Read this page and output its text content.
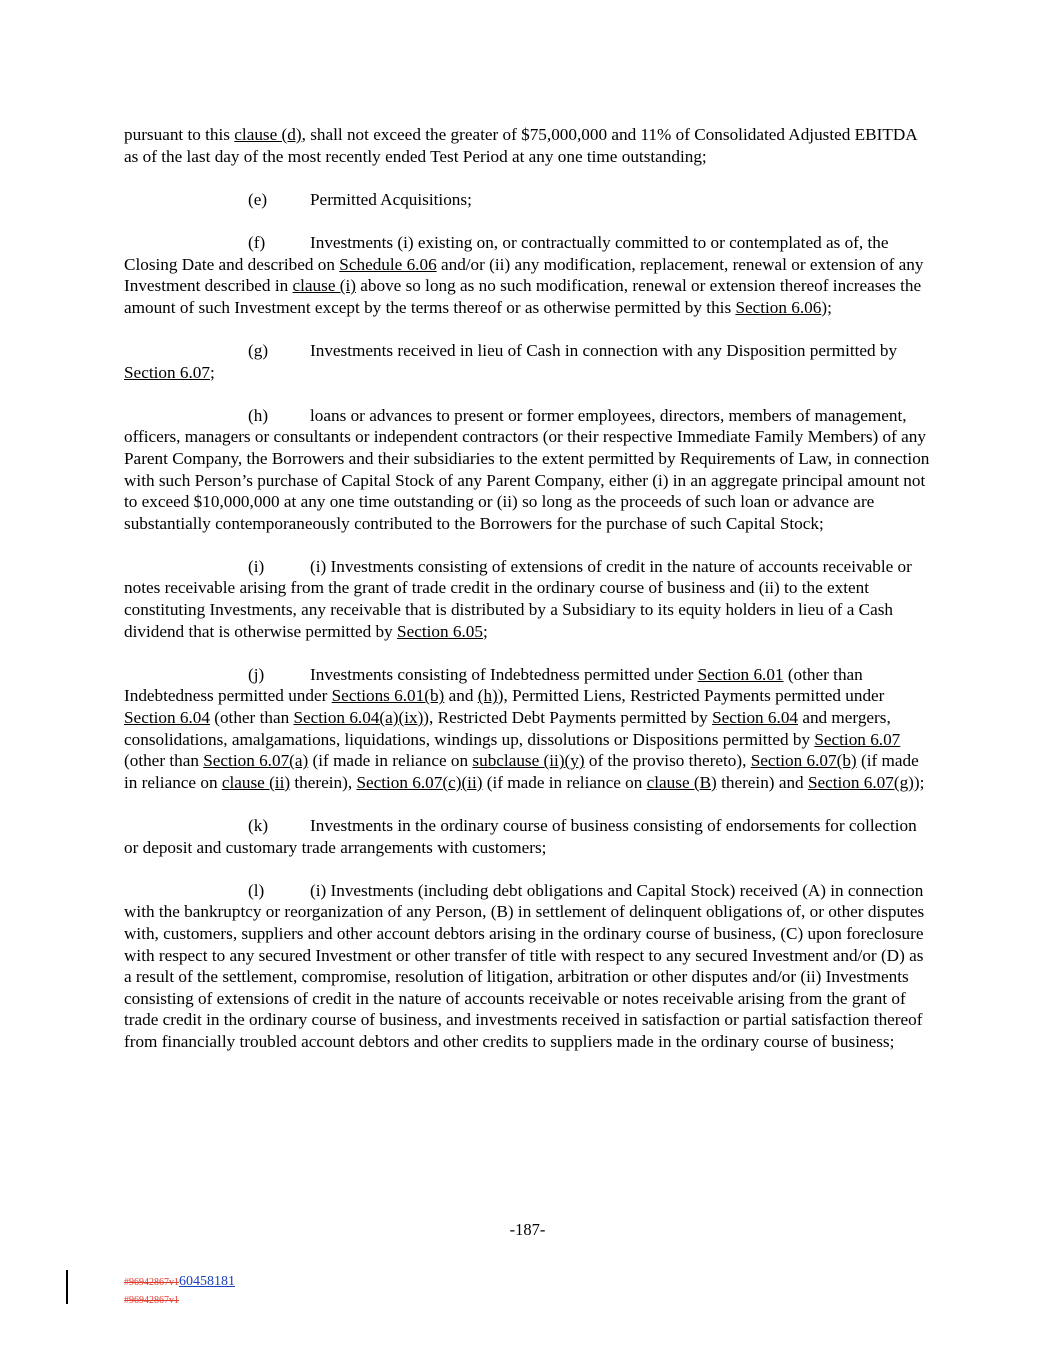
pursuant to this clause (d), shall not exceed the greater of $75,000,000 and 11% of Consolidated Adjusted EBITDA as of the last day of the most recently ended Test Period at any one time outstanding;

(e) Permitted Acquisitions;

(f)	Investments (i) existing on, or contractually committed to or contemplated as of, the Closing Date and described on Schedule 6.06 and/or (ii) any modification, replacement, renewal or extension of any Investment described in clause (i) above so long as no such modification, renewal or extension thereof increases the amount of such Investment except by the terms thereof or as otherwise permitted by this Section 6.06);

(g) Investments received in lieu of Cash in connection with any Disposition permitted by Section 6.07;

(h) loans or advances to present or former employees, directors, members of management, officers, managers or consultants or independent contractors (or their respective Immediate Family Members) of any Parent Company, the Borrowers and their subsidiaries to the extent permitted by Requirements of Law, in connection with such Person’s purchase of Capital Stock of any Parent Company, either (i) in an aggregate principal amount not to exceed $10,000,000 at any one time outstanding or (ii) so long as the proceeds of such loan or advance are substantially contemporaneously contributed to the Borrowers for the purchase of such Capital Stock;

(i)	(i) Investments consisting of extensions of credit in the nature of accounts receivable or notes receivable arising from the grant of trade credit in the ordinary course of business and (ii) to the extent constituting Investments, any receivable that is distributed by a Subsidiary to its equity holders in lieu of a Cash dividend that is otherwise permitted by Section 6.05;

(j)	Investments consisting of Indebtedness permitted under Section 6.01 (other than Indebtedness permitted under Sections 6.01(b) and (h)), Permitted Liens, Restricted Payments permitted under Section 6.04 (other than Section 6.04(a)(ix)), Restricted Debt Payments permitted by Section 6.04 and mergers, consolidations, amalgamations, liquidations, windings up, dissolutions or Dispositions permitted by Section 6.07 (other than Section 6.07(a) (if made in reliance on subclause (ii)(y) of the proviso thereto), Section 6.07(b) (if made in reliance on clause (ii) therein), Section 6.07(c)(ii) (if made in reliance on clause (B) therein) and Section 6.07(g));

(k) Investments in the ordinary course of business consisting of endorsements for collection or deposit and customary trade arrangements with customers;

(l)	(i) Investments (including debt obligations and Capital Stock) received (A) in connection with the bankruptcy or reorganization of any Person, (B) in settlement of delinquent obligations of, or other disputes with, customers, suppliers and other account debtors arising in the ordinary course of business, (C) upon foreclosure with respect to any secured Investment or other transfer of title with respect to any secured Investment and/or (D) as a result of the settlement, compromise, resolution of litigation, arbitration or other disputes and/or (ii) Investments consisting of extensions of credit in the nature of accounts receivable or notes receivable arising from the grant of trade credit in the ordinary course of business, and investments received in satisfaction or partial satisfaction thereof from financially troubled account debtors and other credits to suppliers made in the ordinary course of business;

-187-
#96942867v160458181
#96942867v1
